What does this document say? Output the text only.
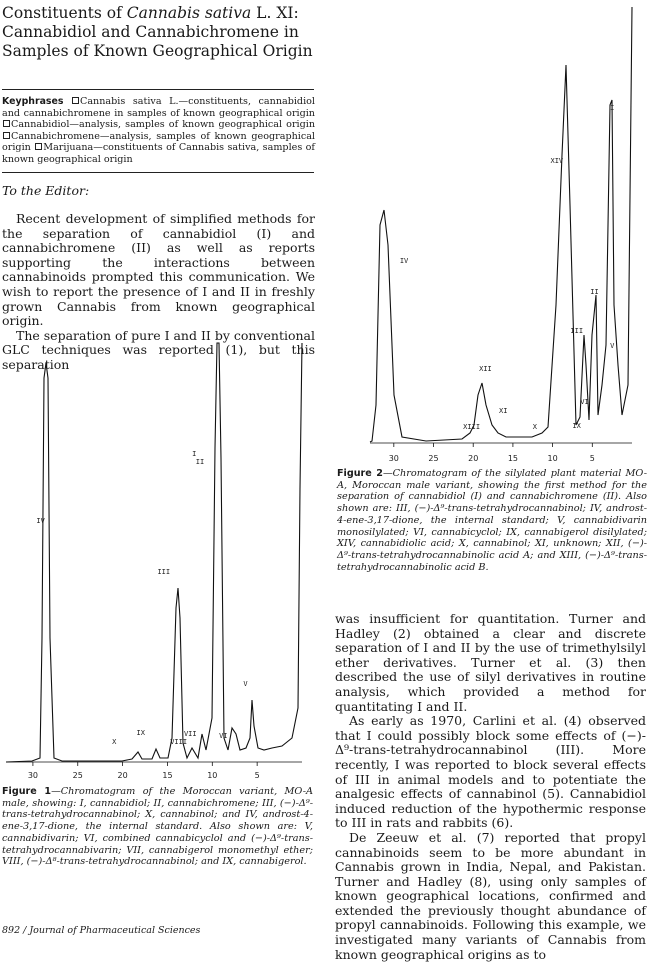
Constituents of Cannabis sativa L. XI:
Cannabidiol and Cannabichromene in
Samples of Known Geographical Origin
Keyphrases Cannabis sativa L.—constituents, cannabidiol and cannabichromene in samples of known geographical origin Cannabidiol—analysis, samples of known geographical origin Cannabichromene—analysis, samples of known geographical origin Marijuana—constituents of Cannabis sativa, samples of known geographical origin
To the Editor:

Recent development of simplified methods for the separation of cannabidiol (I) and cannabichromene (II) as well as reports supporting the interactions between cannabinoids prompted this communication. We wish to report the presence of I and II in freshly grown Cannabis from known geographical origin.

The separation of pure I and II by conventional GLC techniques was reported (1), but this separation

30	25	20	15	10	5
IV
X
IX
III
VIII
VII
I
II
VI
V
Figure 1—Chromatogram of the Moroccan variant, MO-A male, showing: I, cannabidiol; II, cannabichromene; III, (−)-Δ⁹-trans-tetrahydrocannabinol; X, cannabinol; and IV, androst-4-ene-3,17-dione, the internal standard. Also shown are: V, cannabidivarin; VI, combined cannabicyclol and (−)-Δ⁹-trans-tetrahydrocannabivarin; VII, cannabigerol monomethyl ether; VIII, (−)-Δ⁸-trans-tetrahydrocannabinol; and IX, cannabigerol.
30	25	20	15	10	5
IV
XIII
XII
XI
X
XIV
IX
III
VI
II
V
I
Figure 2—Chromatogram of the silylated plant material MO-A, Moroccan male variant, showing the first method for the separation of cannabidiol (I) and cannabichromene (II). Also shown are: III, (−)-Δ⁹-trans-tetrahydrocannabinol; IV, androst-4-ene-3,17-dione, the internal standard; V, cannabidivarin monosilylated; VI, cannabicyclol; IX, cannabigerol disilylated; XIV, cannabidiolic acid; X, cannabinol; XI, unknown; XII, (−)-Δ⁹-trans-tetrahydrocannabinolic acid A; and XIII, (−)-Δ⁹-trans-tetrahydrocannabinolic acid B.

was insufficient for quantitation. Turner and Hadley (2) obtained a clear and discrete separation of I and II by the use of trimethylsilyl ether derivatives. Turner et al. (3) then described the use of silyl derivatives in routine analysis, which provided a method for quantitating I and II.

As early as 1970, Carlini et al. (4) observed that I could possibly block some effects of (−)-Δ⁹-trans-tetrahydrocannabinol (III). More recently, I was reported to block several effects of III in animal models and to potentiate the analgesic effects of cannabinol (5). Cannabidiol induced reduction of the hypothermic response to III in rats and rabbits (6).

De Zeeuw et al. (7) reported that propyl cannabinoids seem to be more abundant in Cannabis grown in India, Nepal, and Pakistan. Turner and Hadley (8), using only samples of known geographical locations, confirmed and extended the previously thought abundance of propyl cannabinoids. Following this example, we investigated many variants of Cannabis from known geographical origins as to

892 / Journal of Pharmaceutical Sciences
